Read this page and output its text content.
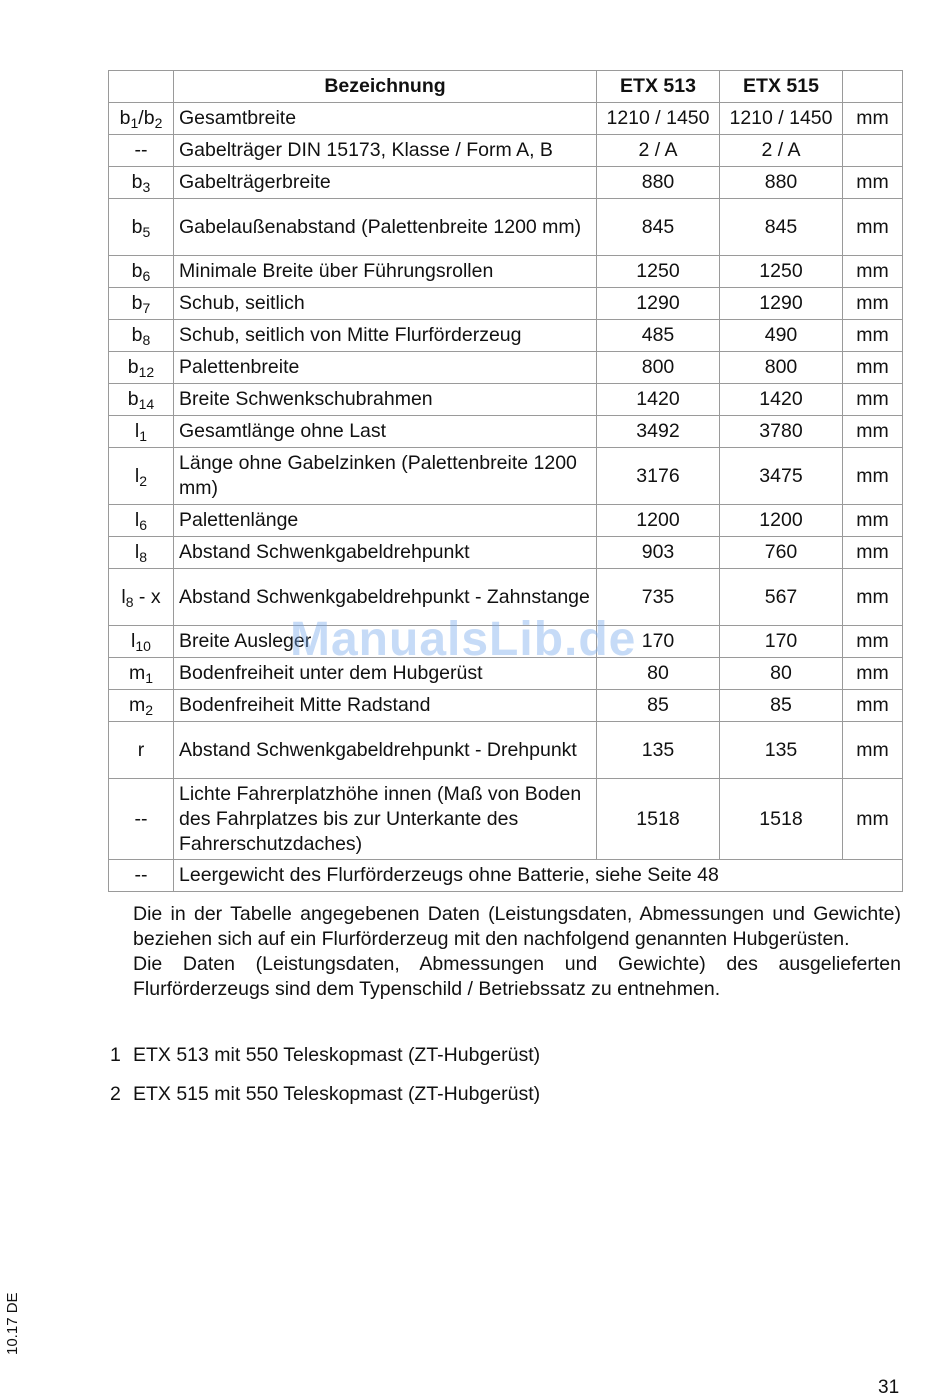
	Bezeichnung	ETX 513	ETX 515	
$b_1/b_2$	Gesamtbreite	1210 / 1450	1210 / 1450	mm
--	Gabelträger DIN 15173, Klasse / Form A, B	2 / A	2 / A	
$b_3$	Gabelträgerbreite	880	880	mm
$b_5$	Gabelaußenabstand (Palettenbreite 1200 mm)	845	845	mm
$b_6$	Minimale Breite über Führungsrollen	1250	1250	mm
$b_7$	Schub, seitlich	1290	1290	mm
$b_8$	Schub, seitlich von Mitte Flurförderzeug	485	490	mm
$b_{12}$	Palettenbreite	800	800	mm
$b_{14}$	Breite Schwenkschubrahmen	1420	1420	mm
$l_1$	Gesamtlänge ohne Last	3492	3780	mm
$l_2$	Länge ohne Gabelzinken (Palettenbreite 1200 mm)	3176	3475	mm
$l_6$	Palettenlänge	1200	1200	mm
$l_8$	Abstand Schwenkgabeldrehpunkt	903	760	mm
$l_8$ - x	Abstand Schwenkgabeldrehpunkt - Zahnstange	735	567	mm
$l_{10}$	Breite Ausleger	170	170	mm
$m_1$	Bodenfreiheit unter dem Hubgerüst	80	80	mm
$m_2$	Bodenfreiheit Mitte Radstand	85	85	mm
r	Abstand Schwenkgabeldrehpunkt - Drehpunkt	135	135	mm
--	Lichte Fahrerplatzhöhe innen (Maß von Boden des Fahrplatzes bis zur Unterkante des Fahrerschutzdaches)	1518	1518	mm
--	Leergewicht des Flurförderzeugs ohne Batterie, siehe Seite 48			

Die in der Tabelle angegebenen Daten (Leistungsdaten, Abmessungen und Gewichte) beziehen sich auf ein Flurförderzeug mit den nachfolgend genannten Hubgerüsten.

Die Daten (Leistungsdaten, Abmessungen und Gewichte) des ausgelieferten Flurförderzeugs sind dem Typenschild / Betriebssatz zu entnehmen.

1 ETX 513 mit 550 Teleskopmast (ZT-Hubgerüst)
2 ETX 515 mit 550 Teleskopmast (ZT-Hubgerüst)
ManualsLib.de
10.17 DE
31
